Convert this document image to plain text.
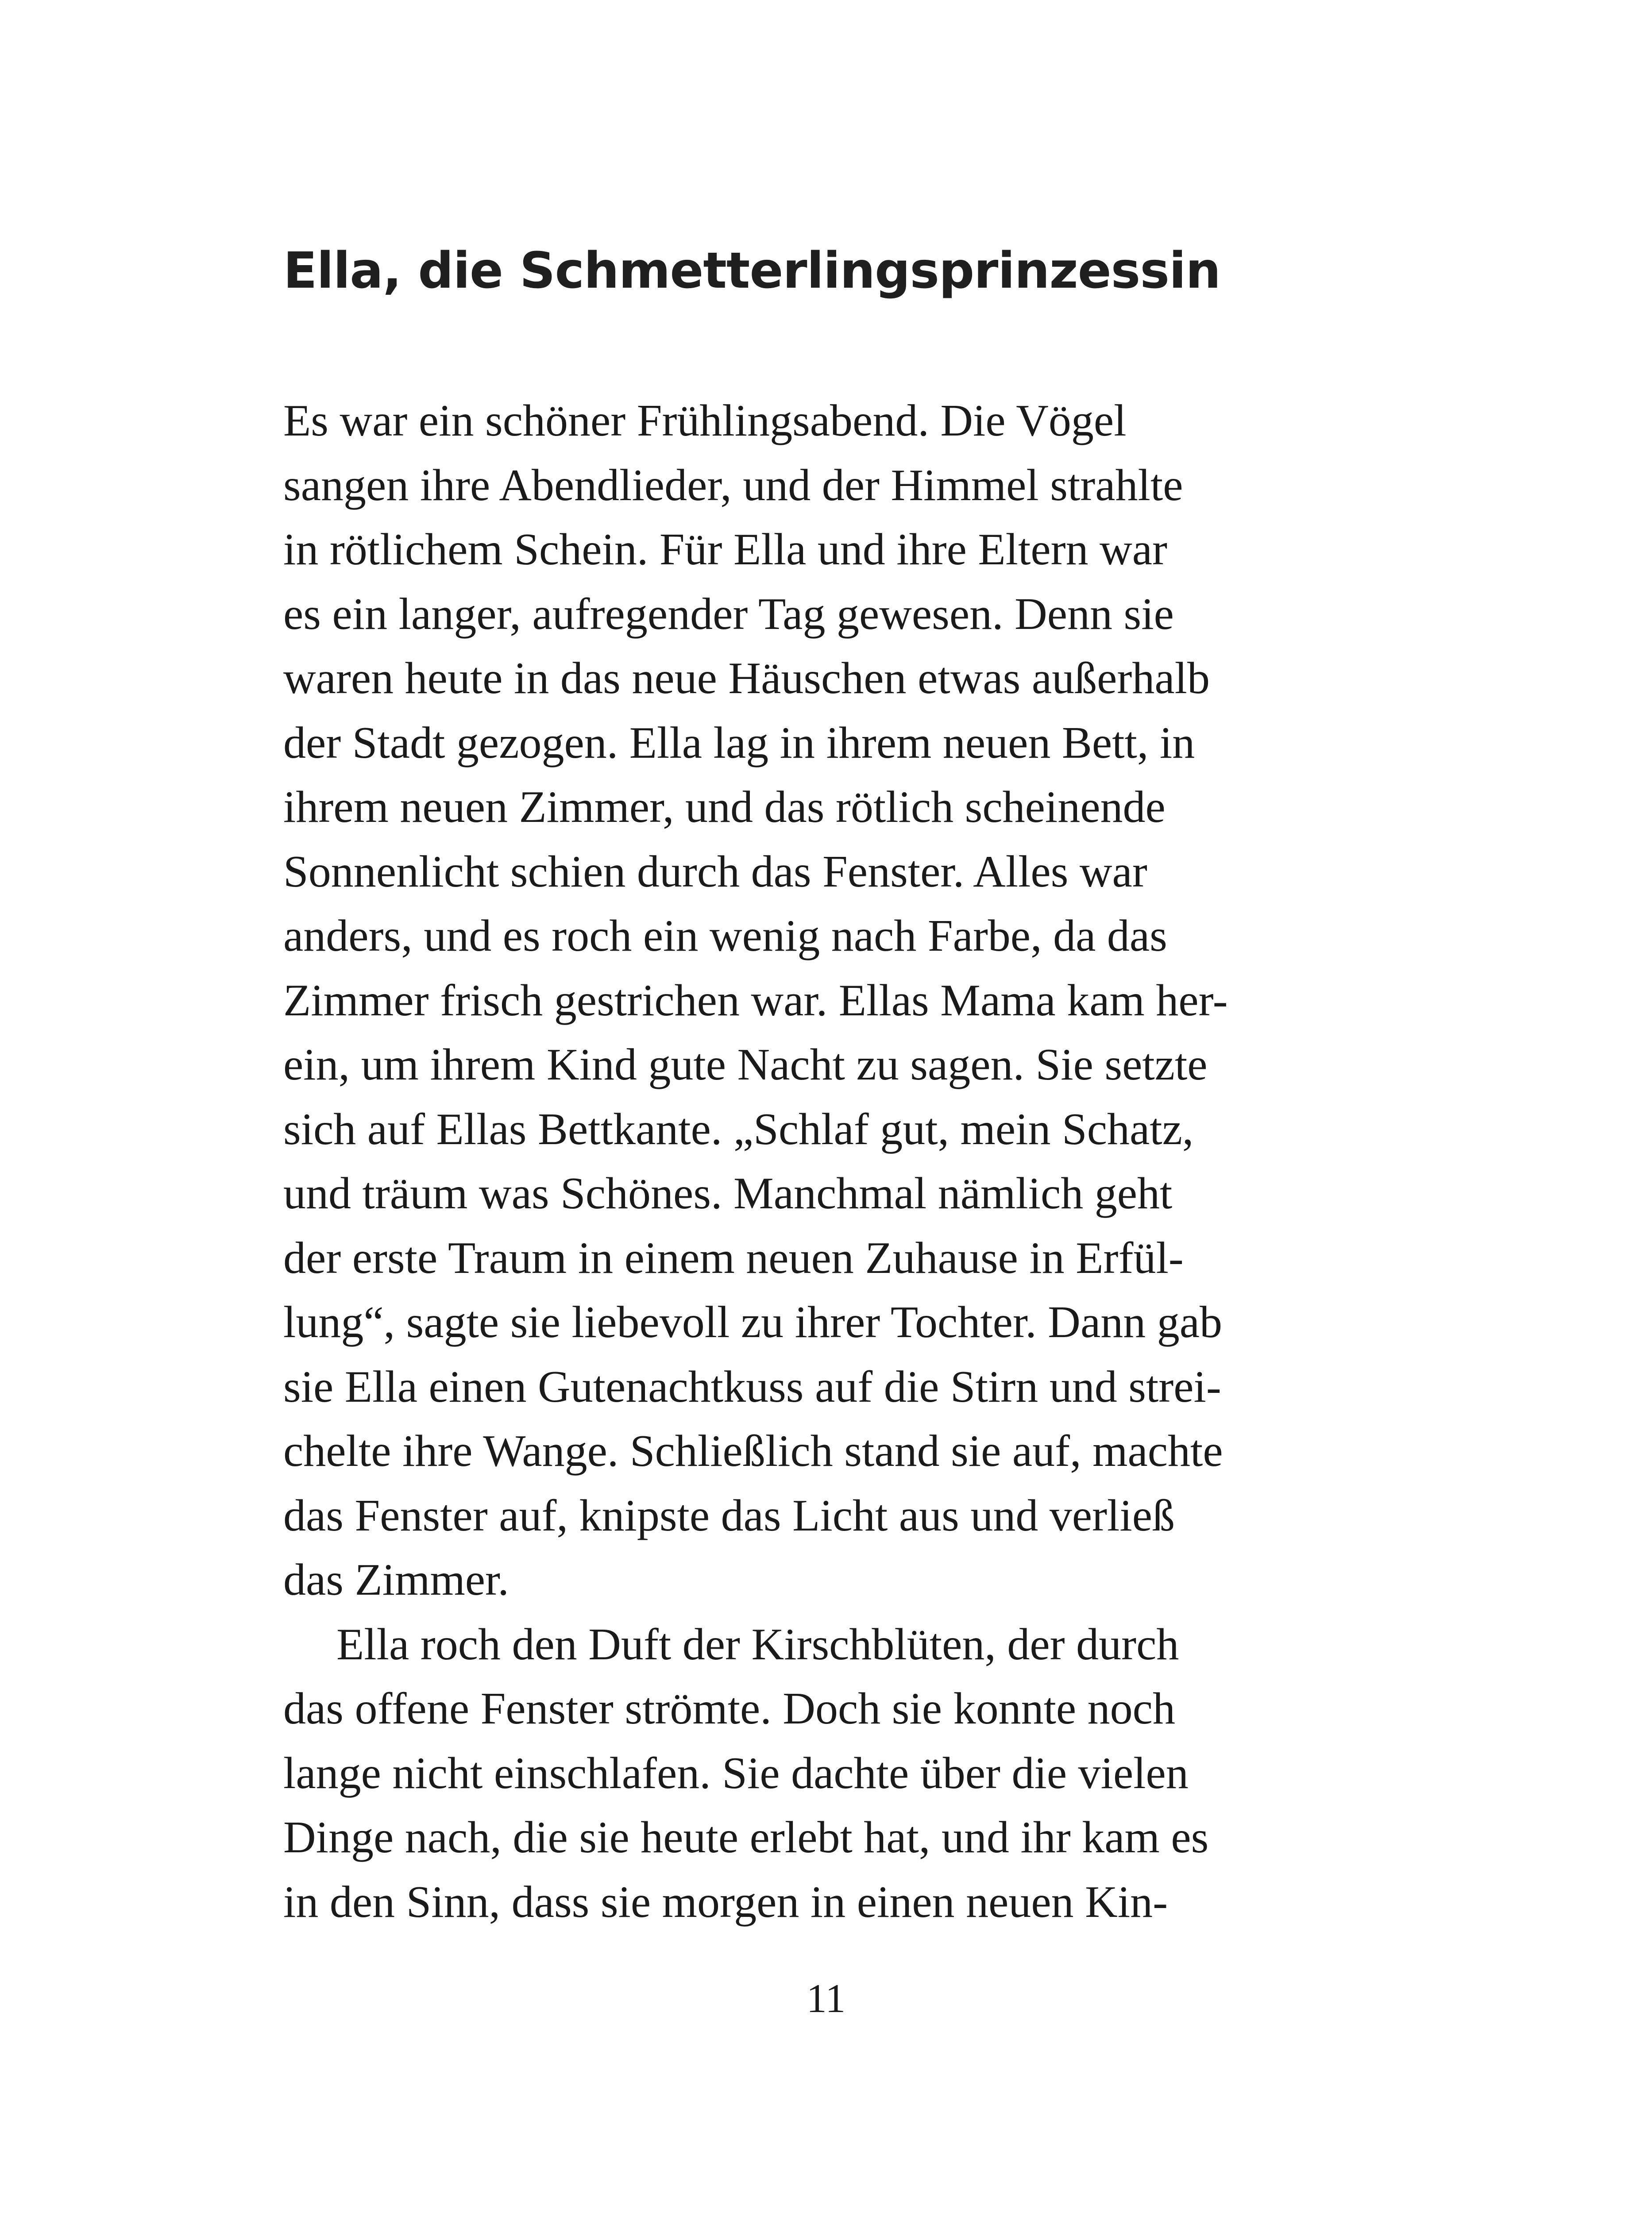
Ella, die Schmetterlingsprinzessin
Es war ein schöner Frühlingsabend. Die Vögel
sangen ihre Abendlieder, und der Himmel strahlte
in rötlichem Schein. Für Ella und ihre Eltern war
es ein langer, aufregender Tag gewesen. Denn sie
waren heute in das neue Häuschen etwas außerhalb
der Stadt gezogen. Ella lag in ihrem neuen Bett, in
ihrem neuen Zimmer, und das rötlich scheinende
Sonnenlicht schien durch das Fenster. Alles war
anders, und es roch ein wenig nach Farbe, da das
Zimmer frisch gestrichen war. Ellas Mama kam her-
ein, um ihrem Kind gute Nacht zu sagen. Sie setzte
sich auf Ellas Bettkante. „Schlaf gut, mein Schatz,
und träum was Schönes. Manchmal nämlich geht
der erste Traum in einem neuen Zuhause in Erfül-
lung“, sagte sie liebevoll zu ihrer Tochter. Dann gab
sie Ella einen Gutenachtkuss auf die Stirn und strei-
chelte ihre Wange. Schließlich stand sie auf, machte
das Fenster auf, knipste das Licht aus und verließ
das Zimmer.
Ella roch den Duft der Kirschblüten, der durch
das offene Fenster strömte. Doch sie konnte noch
lange nicht einschlafen. Sie dachte über die vielen
Dinge nach, die sie heute erlebt hat, und ihr kam es
in den Sinn, dass sie morgen in einen neuen Kin-
11
